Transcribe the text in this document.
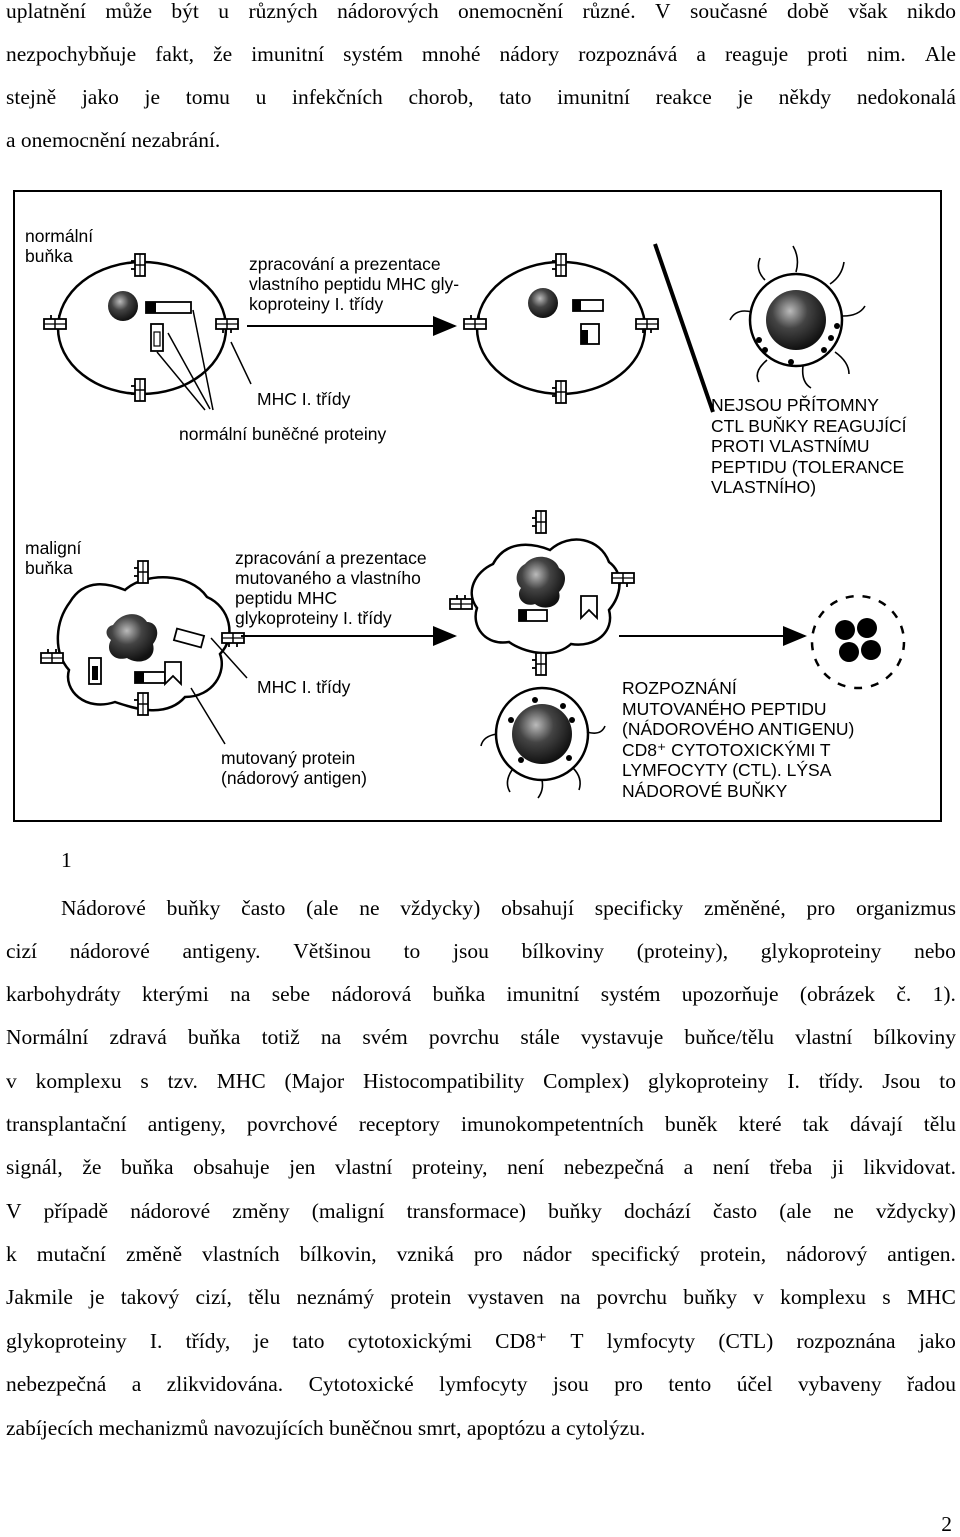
uplatnění může být u různých nádorových onemocnění různé. V současné době však nikdo
nezpochybňuje fakt, že imunitní systém mnohé nádory rozpoznává a reaguje proti nim. Ale
stejně jako je tomu u infekčních chorob, tato imunitní reakce je někdy nedokonalá
a onemocnění nezabrání.
normální
buňka	zpracování a prezentace
vlastního peptidu MHC gly-
koproteiny I. třídy
MHC I. třídy
normální buněčné proteiny
NEJSOU PŘÍTOMNY
CTL BUŇKY REAGUJÍCÍ
PROTI VLASTNÍMU
PEPTIDU (TOLERANCE
VLASTNÍHO)
maligní
buňka	zpracování a prezentace
mutovaného a vlastního
peptidu MHC
glykoproteiny I. třídy
MHC I. třídy
mutovaný protein
(nádorový antigen)
ROZPOZNÁNÍ
MUTOVANÉHO PEPTIDU
(NÁDOROVÉHO ANTIGENU)
CD8⁺ CYTOTOXICKÝMI T
LYMFOCYTY (CTL). LÝSA
NÁDOROVÉ BUŇKY
1
Nádorové buňky často (ale ne vždycky) obsahují specificky změněné, pro organizmus
cizí nádorové antigeny. Většinou to jsou bílkoviny (proteiny), glykoproteiny nebo
karbohydráty kterými na sebe nádorová buňka imunitní systém upozorňuje (obrázek č. 1).
Normální zdravá buňka totiž na svém povrchu stále vystavuje buňce/tělu vlastní bílkoviny
v komplexu s tzv. MHC (Major Histocompatibility Complex) glykoproteiny I. třídy. Jsou to
transplantační antigeny, povrchové receptory imunokompetentních buněk které tak dávají tělu
signál, že buňka obsahuje jen vlastní proteiny, není nebezpečná a není třeba ji likvidovat.
V případě nádorové změny (maligní transformace) buňky dochází často (ale ne vždycky)
k mutační změně vlastních bílkovin, vzniká pro nádor specifický protein, nádorový antigen.
Jakmile je takový cizí, tělu neznámý protein vystaven na povrchu buňky v komplexu s MHC
glykoproteiny I. třídy, je tato cytotoxickými CD8⁺ T lymfocyty (CTL) rozpoznána jako
nebezpečná a zlikvidována. Cytotoxické lymfocyty jsou pro tento účel vybaveny řadou
zabíjecích mechanizmů navozujících buněčnou smrt, apoptózu a cytolýzu.
2
